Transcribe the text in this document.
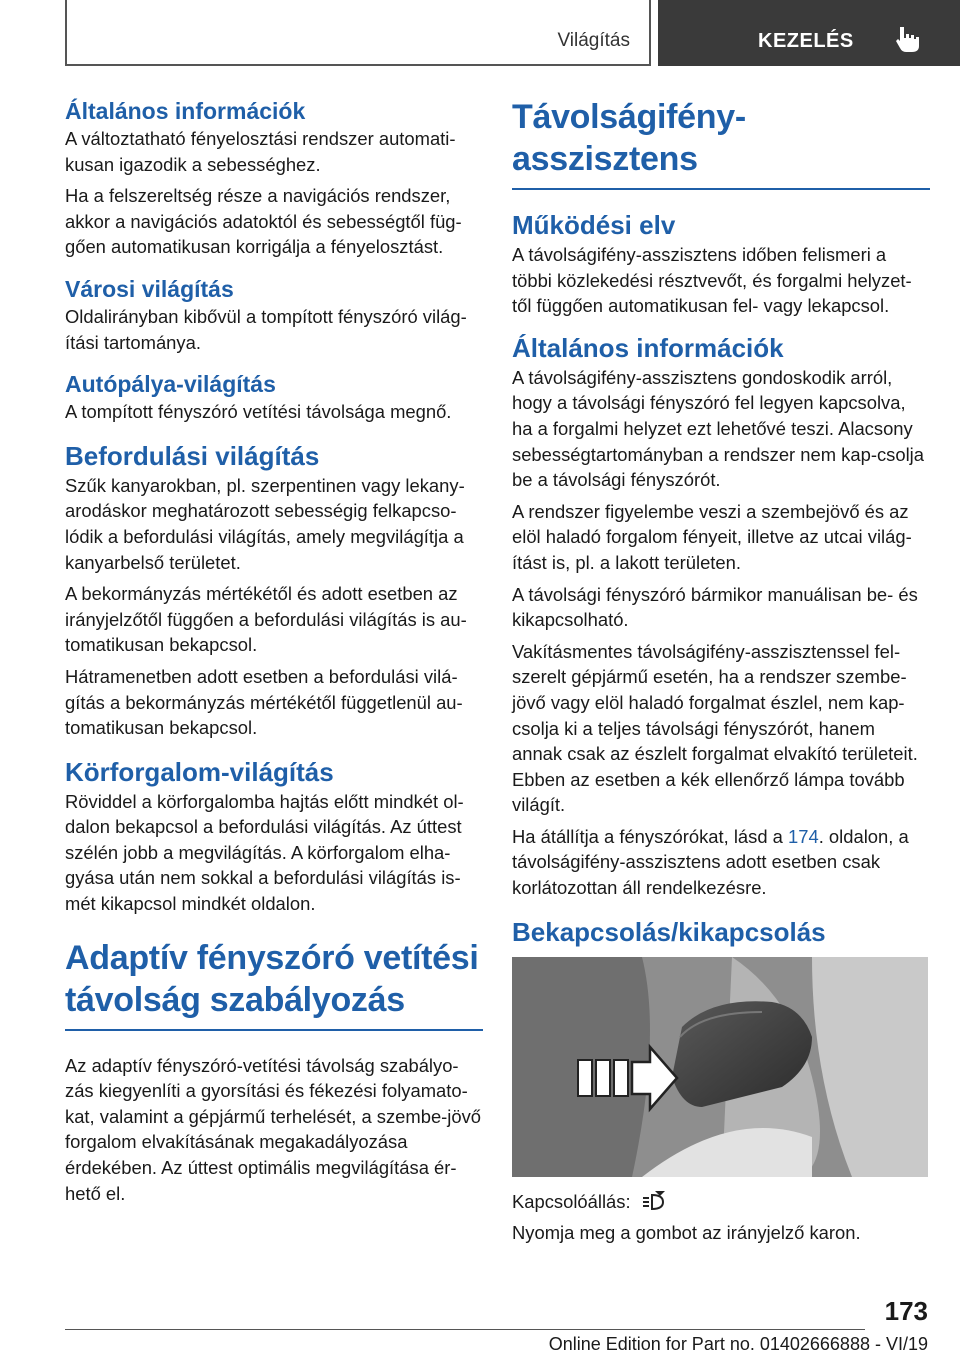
Világítás	KEZELÉS
Általános információk

A változtatható fényelosztási rendszer automati-kusan igazodik a sebességhez.

Ha a felszereltség része a navigációs rendszer, akkor a navigációs adatoktól és sebességtől füg-gően automatikusan korrigálja a fényelosztást.

Városi világítás

Oldalirányban kibővül a tompított fényszóró világ-ítási tartománya.

Autópálya-világítás

A tompított fényszóró vetítési távolsága megnő.

Befordulási világítás

Szűk kanyarokban, pl. szerpentinen vagy lekany-arodáskor meghatározott sebességig felkapcso-lódik a befordulási világítás, amely megvilágítja a kanyarbelső területet.

A bekormányzás mértékétől és adott esetben az irányjelzőtől függően a befordulási világítás is au-tomatikusan bekapcsol.

Hátramenetben adott esetben a befordulási vilá-gítás a bekormányzás mértékétől függetlenül au-tomatikusan bekapcsol.

Körforgalom-világítás

Röviddel a körforgalomba hajtás előtt mindkét ol-dalon bekapcsol a befordulási világítás. Az úttest szélén jobb a megvilágítás. A körforgalom elha-gyása után nem sokkal a befordulási világítás is-mét kikapcsol mindkét oldalon.

Adaptív fényszóró vetítési távolság szabályozás

Az adaptív fényszóró-vetítési távolság szabályo-zás kiegyenlíti a gyorsítási és fékezési folyamato-kat, valamint a gépjármű terhelését, a szembe-jövő forgalom elvakításának megakadályozása érdekében. Az úttest optimális megvilágítása ér-hető el.

Távolságifény-asszisztens
Működési elv

A távolságifény-asszisztens időben felismeri a többi közlekedési résztvevőt, és forgalmi helyzet-től függően automatikusan fel- vagy lekapcsol.

Általános információk

A távolságifény-asszisztens gondoskodik arról, hogy a távolsági fényszóró fel legyen kapcsolva, ha a forgalmi helyzet ezt lehetővé teszi. Alacsony sebességtartományban a rendszer nem kap-csolja be a távolsági fényszórót.

A rendszer figyelembe veszi a szembejövő és az elöl haladó forgalom fényeit, illetve az utcai világ-ítást is, pl. a lakott területen.

A távolsági fényszóró bármikor manuálisan be- és kikapcsolható.

Vakításmentes távolságifény-asszisztenssel fel-szerelt gépjármű esetén, ha a rendszer szembe-jövő vagy elöl haladó forgalmat észlel, nem kap-csolja ki a teljes távolsági fényszórót, hanem annak csak az észlelt forgalmat elvakító területeit. Ebben az esetben a kék ellenőrző lámpa tovább világít.

Ha átállítja a fényszórókat, lásd a 174. oldalon, a távolságifény-asszisztens adott esetben csak korlátozottan áll rendelkezésre.

Bekapcsolás/kikapcsolás

Kapcsolóállás:

Nyomja meg a gombot az irányjelző karon.

173
Online Edition for Part no. 01402666888 - VI/19
